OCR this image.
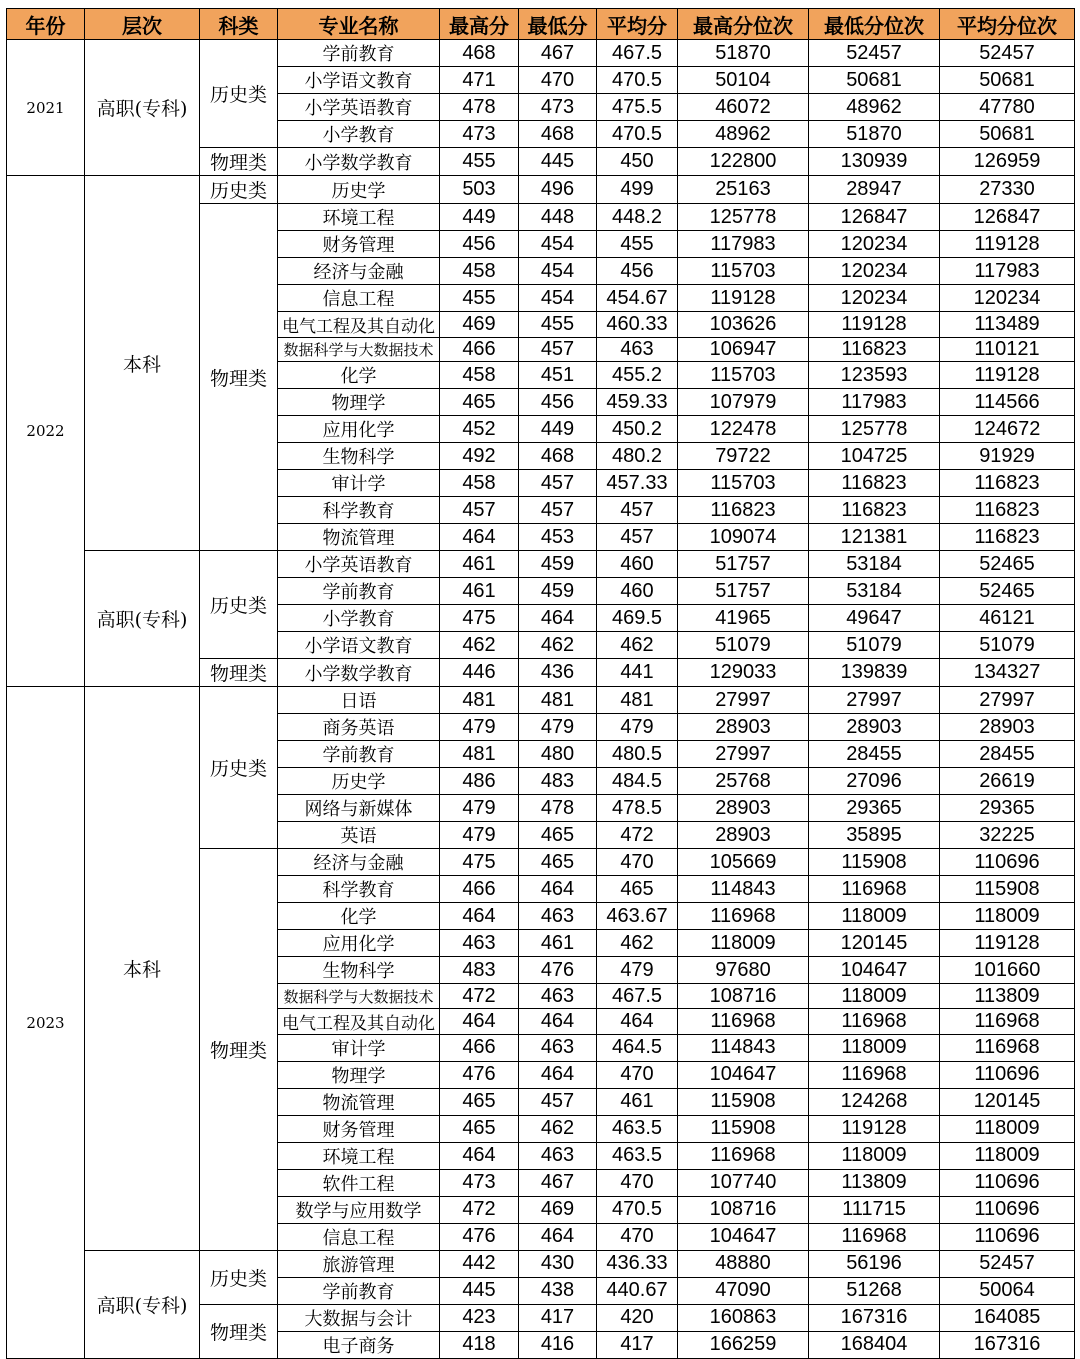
年份	层次	科类	专业名称	最高分	最低分	平均分	最高分位次	最低分位次	平均分位次
2021	高职(专科)	历史类	学前教育	468	467	467.5	51870	52457	52457
			小学语文教育	471	470	470.5	50104	50681	50681
			小学英语教育	478	473	475.5	46072	48962	47780
			小学教育	473	468	470.5	48962	51870	50681
		物理类	小学数学教育	455	445	450	122800	130939	126959
2022	本科	历史类	历史学	503	496	499	25163	28947	27330
		物理类	环境工程	449	448	448.2	125778	126847	126847
			财务管理	456	454	455	117983	120234	119128
			经济与金融	458	454	456	115703	120234	117983
			信息工程	455	454	454.67	119128	120234	120234
			电气工程及其自动化	469	455	460.33	103626	119128	113489
			数据科学与大数据技术	466	457	463	106947	116823	110121
			化学	458	451	455.2	115703	123593	119128
			物理学	465	456	459.33	107979	117983	114566
			应用化学	452	449	450.2	122478	125778	124672
			生物科学	492	468	480.2	79722	104725	91929
			审计学	458	457	457.33	115703	116823	116823
			科学教育	457	457	457	116823	116823	116823
			物流管理	464	453	457	109074	121381	116823
	高职(专科)	历史类	小学英语教育	461	459	460	51757	53184	52465
			学前教育	461	459	460	51757	53184	52465
			小学教育	475	464	469.5	41965	49647	46121
			小学语文教育	462	462	462	51079	51079	51079
		物理类	小学数学教育	446	436	441	129033	139839	134327
2023	本科	历史类	日语	481	481	481	27997	27997	27997
			商务英语	479	479	479	28903	28903	28903
			学前教育	481	480	480.5	27997	28455	28455
			历史学	486	483	484.5	25768	27096	26619
			网络与新媒体	479	478	478.5	28903	29365	29365
			英语	479	465	472	28903	35895	32225
		物理类	经济与金融	475	465	470	105669	115908	110696
			科学教育	466	464	465	114843	116968	115908
			化学	464	463	463.67	116968	118009	118009
			应用化学	463	461	462	118009	120145	119128
			生物科学	483	476	479	97680	104647	101660
			数据科学与大数据技术	472	463	467.5	108716	118009	113809
			电气工程及其自动化	464	464	464	116968	116968	116968
			审计学	466	463	464.5	114843	118009	116968
			物理学	476	464	470	104647	116968	110696
			物流管理	465	457	461	115908	124268	120145
			财务管理	465	462	463.5	115908	119128	118009
			环境工程	464	463	463.5	116968	118009	118009
			软件工程	473	467	470	107740	113809	110696
			数学与应用数学	472	469	470.5	108716	111715	110696
			信息工程	476	464	470	104647	116968	110696
	高职(专科)	历史类	旅游管理	442	430	436.33	48880	56196	52457
			学前教育	445	438	440.67	47090	51268	50064
		物理类	大数据与会计	423	417	420	160863	167316	164085
			电子商务	418	416	417	166259	168404	167316
